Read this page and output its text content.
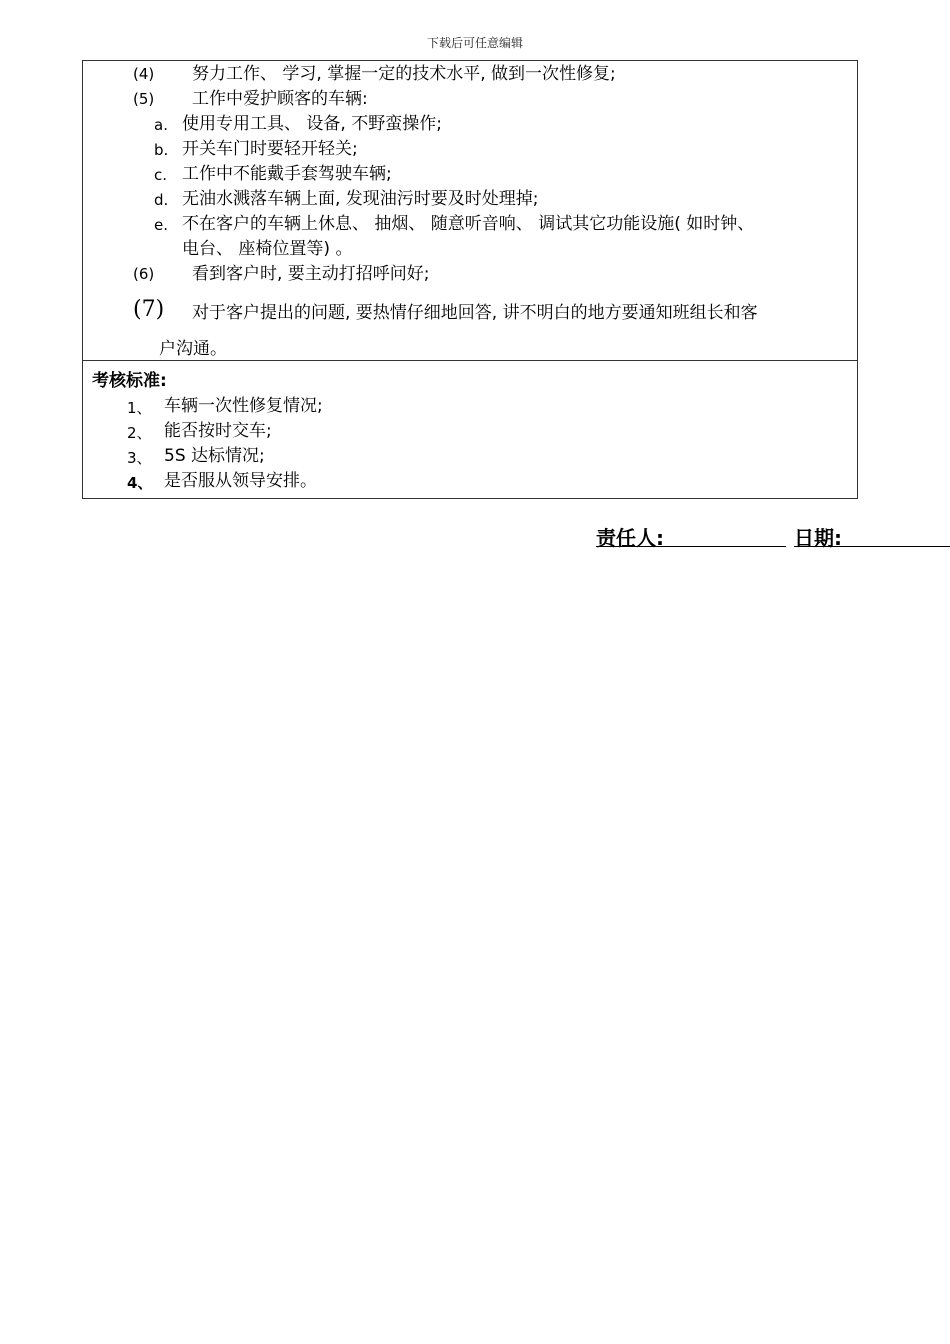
下载后可任意编辑
(4) 努力工作、 学习, 掌握一定的技术水平, 做到一次性修复;
(5) 工作中爱护顾客的车辆:
a. 使用专用工具、 设备, 不野蛮操作;
b. 开关车门时要轻开轻关;
c. 工作中不能戴手套驾驶车辆;
d. 无油水溅落车辆上面, 发现油污时要及时处理掉;
e. 不在客户的车辆上休息、 抽烟、 随意听音响、 调试其它功能设施( 如时钟、
电台、 座椅位置等) 。
(6) 看到客户时, 要主动打招呼问好;
(7) 对于客户提出的问题, 要热情仔细地回答, 讲不明白的地方要通知班组长和客
户沟通。
考核标准:
1、 车辆一次性修复情况;
2、 能否按时交车;
3、 5S 达标情况;
4、 是否服从领导安排。
责任人:	日期:
